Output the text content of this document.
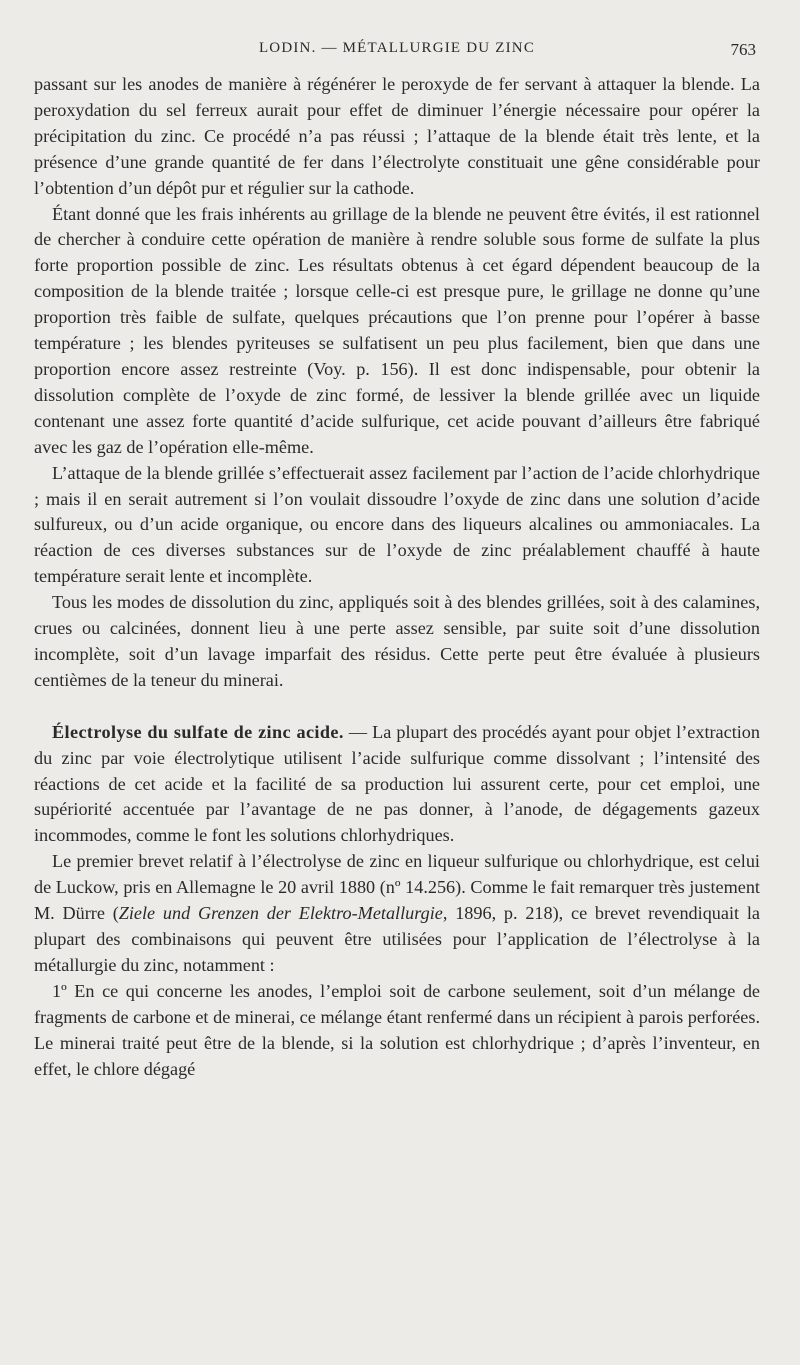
LODIN. — MÉTALLURGIE DU ZINC	763

passant sur les anodes de manière à régénérer le peroxyde de fer servant à attaquer la blende. La peroxydation du sel ferreux aurait pour effet de diminuer l’énergie nécessaire pour opérer la précipitation du zinc. Ce procédé n’a pas réussi ; l’attaque de la blende était très lente, et la présence d’une grande quantité de fer dans l’électrolyte constituait une gêne considérable pour l’obtention d’un dépôt pur et régulier sur la cathode.

Étant donné que les frais inhérents au grillage de la blende ne peuvent être évités, il est rationnel de chercher à conduire cette opération de manière à rendre soluble sous forme de sulfate la plus forte proportion possible de zinc. Les résultats obtenus à cet égard dépendent beaucoup de la composition de la blende traitée ; lorsque celle-ci est presque pure, le grillage ne donne qu’une proportion très faible de sulfate, quelques précautions que l’on prenne pour l’opérer à basse température ; les blendes pyriteuses se sulfatisent un peu plus facilement, bien que dans une proportion encore assez restreinte (Voy. p. 156). Il est donc indispensable, pour obtenir la dissolution complète de l’oxyde de zinc formé, de lessiver la blende grillée avec un liquide contenant une assez forte quantité d’acide sulfurique, cet acide pouvant d’ailleurs être fabriqué avec les gaz de l’opération elle-même.

L’attaque de la blende grillée s’effectuerait assez facilement par l’action de l’acide chlorhydrique ; mais il en serait autrement si l’on voulait dissoudre l’oxyde de zinc dans une solution d’acide sulfureux, ou d’un acide organique, ou encore dans des liqueurs alcalines ou ammoniacales. La réaction de ces diverses substances sur de l’oxyde de zinc préalablement chauffé à haute température serait lente et incomplète.

Tous les modes de dissolution du zinc, appliqués soit à des blendes grillées, soit à des calamines, crues ou calcinées, donnent lieu à une perte assez sensible, par suite soit d’une dissolution incomplète, soit d’un lavage imparfait des résidus. Cette perte peut être évaluée à plusieurs centièmes de la teneur du minerai.

Électrolyse du sulfate de zinc acide. — La plupart des procédés ayant pour objet l’extraction du zinc par voie électrolytique utilisent l’acide sulfurique comme dissolvant ; l’intensité des réactions de cet acide et la facilité de sa production lui assurent certe, pour cet emploi, une supériorité accentuée par l’avantage de ne pas donner, à l’anode, de dégagements gazeux incommodes, comme le font les solutions chlorhydriques.

Le premier brevet relatif à l’électrolyse de zinc en liqueur sulfurique ou chlorhydrique, est celui de Luckow, pris en Allemagne le 20 avril 1880 (nº 14.256). Comme le fait remarquer très justement M. Dürre (Ziele und Grenzen der Elektro-Metallurgie, 1896, p. 218), ce brevet revendiquait la plupart des combinaisons qui peuvent être utilisées pour l’application de l’électrolyse à la métallurgie du zinc, notamment :

1º En ce qui concerne les anodes, l’emploi soit de carbone seulement, soit d’un mélange de fragments de carbone et de minerai, ce mélange étant renfermé dans un récipient à parois perforées. Le minerai traité peut être de la blende, si la solution est chlorhydrique ; d’après l’inventeur, en effet, le chlore dégagé
